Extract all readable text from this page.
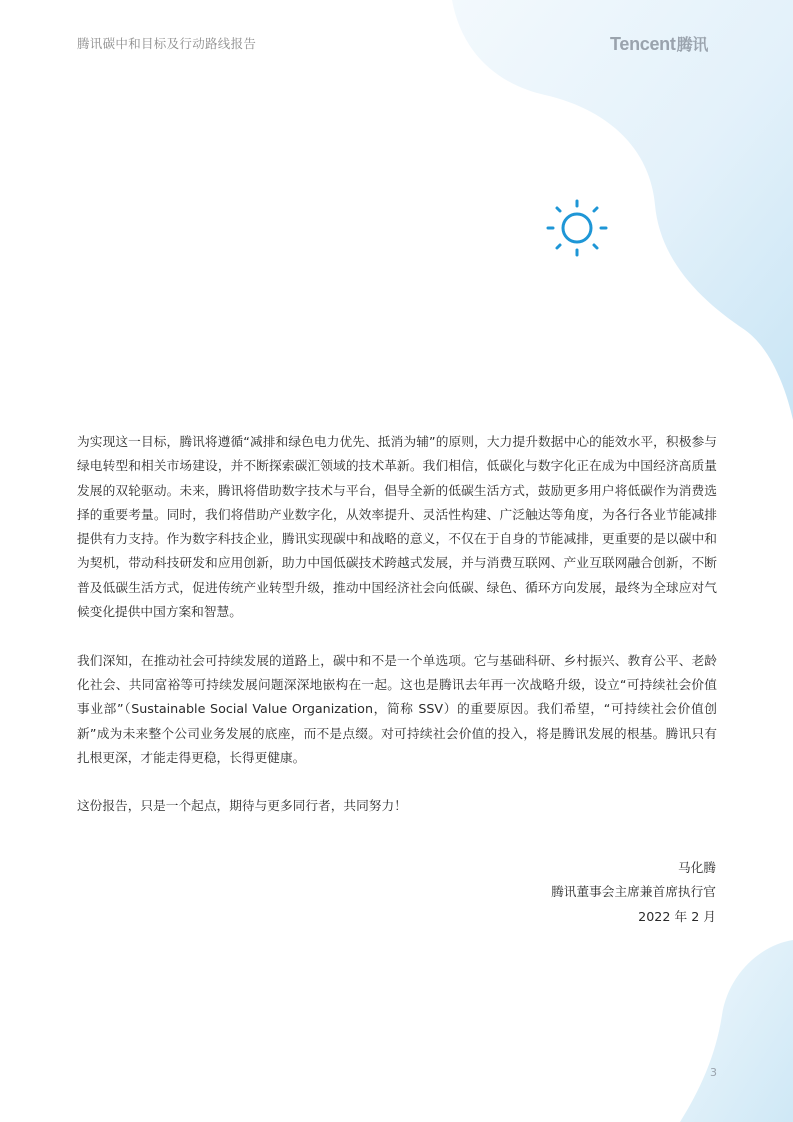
腾讯碳中和目标及行动路线报告	Tencent腾讯

为实现这一目标，腾讯将遵循“减排和绿色电力优先、抵消为辅”的原则，大力提升数据中心的能效水平，积极参与绿电转型和相关市场建设，并不断探索碳汇领域的技术革新。我们相信，低碳化与数字化正在成为中国经济高质量发展的双轮驱动。未来，腾讯将借助数字技术与平台，倡导全新的低碳生活方式，鼓励更多用户将低碳作为消费选择的重要考量。同时，我们将借助产业数字化，从效率提升、灵活性构建、广泛触达等角度，为各行各业节能减排提供有力支持。作为数字科技企业，腾讯实现碳中和战略的意义，不仅在于自身的节能减排，更重要的是以碳中和为契机，带动科技研发和应用创新，助力中国低碳技术跨越式发展，并与消费互联网、产业互联网融合创新，不断普及低碳生活方式，促进传统产业转型升级，推动中国经济社会向低碳、绿色、循环方向发展，最终为全球应对气候变化提供中国方案和智慧。

我们深知，在推动社会可持续发展的道路上，碳中和不是一个单选项。它与基础科研、乡村振兴、教育公平、老龄化社会、共同富裕等可持续发展问题深深地嵌构在一起。这也是腾讯去年再一次战略升级，设立“可持续社会价值事业部”（Sustainable Social Value Organization，简称 SSV）的重要原因。我们希望，“可持续社会价值创新”成为未来整个公司业务发展的底座，而不是点缀。对可持续社会价值的投入，将是腾讯发展的根基。腾讯只有扎根更深，才能走得更稳，长得更健康。

这份报告，只是一个起点，期待与更多同行者，共同努力！

马化腾
腾讯董事会主席兼首席执行官
2022 年 2 月
3
